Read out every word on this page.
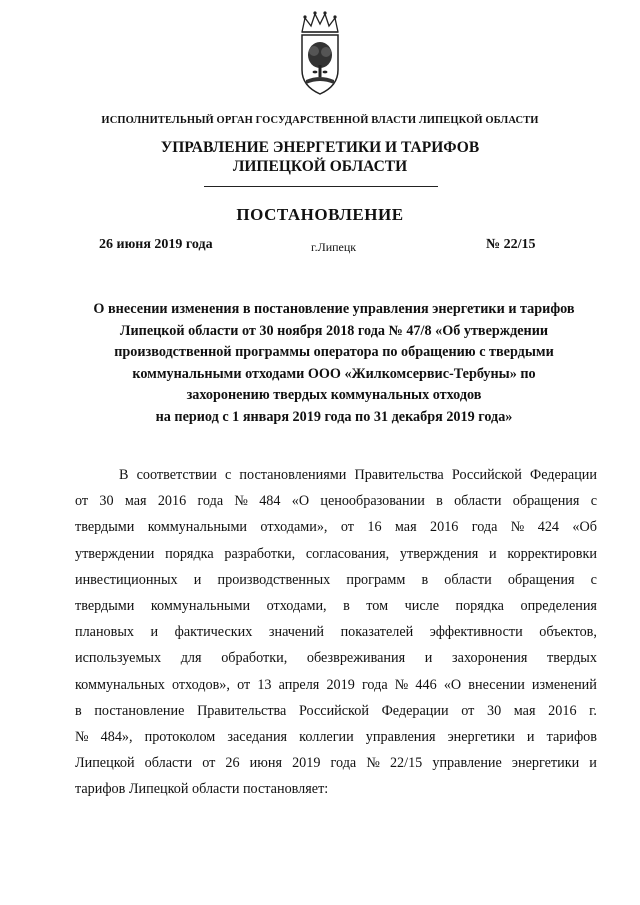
ИСПОЛНИТЕЛЬНЫЙ ОРГАН ГОСУДАРСТВЕННОЙ ВЛАСТИ ЛИПЕЦКОЙ ОБЛАСТИ
УПРАВЛЕНИЕ ЭНЕРГЕТИКИ И ТАРИФОВ
ЛИПЕЦКОЙ ОБЛАСТИ
ПОСТАНОВЛЕНИЕ
26 июня 2019 года	г.Липецк	№ 22/15
О внесении изменения в постановление управления энергетики и тарифов
Липецкой области от 30 ноября 2018 года № 47/8 «Об утверждении
производственной программы оператора по обращению с твердыми
коммунальными отходами ООО «Жилкомсервис-Тербуны» по
захоронению твердых коммунальных отходов
на период с 1 января 2019 года по 31 декабря 2019 года»
В соответствии с постановлениями Правительства Российской Федерации
от 30 мая 2016 года № 484 «О ценообразовании в области обращения с
твердыми коммунальными отходами», от 16 мая 2016 года № 424 «Об
утверждении порядка разработки, согласования, утверждения и корректировки
инвестиционных и производственных программ в области обращения с
твердыми коммунальными отходами, в том числе порядка определения
плановых и фактических значений показателей эффективности объектов,
используемых для обработки, обезвреживания и захоронения твердых
коммунальных отходов», от 13 апреля 2019 года № 446 «О внесении изменений
в постановление Правительства Российской Федерации от 30 мая 2016 г.
№ 484», протоколом заседания коллегии управления энергетики и тарифов
Липецкой области от 26 июня 2019 года № 22/15 управление энергетики и
тарифов Липецкой области постановляет:
